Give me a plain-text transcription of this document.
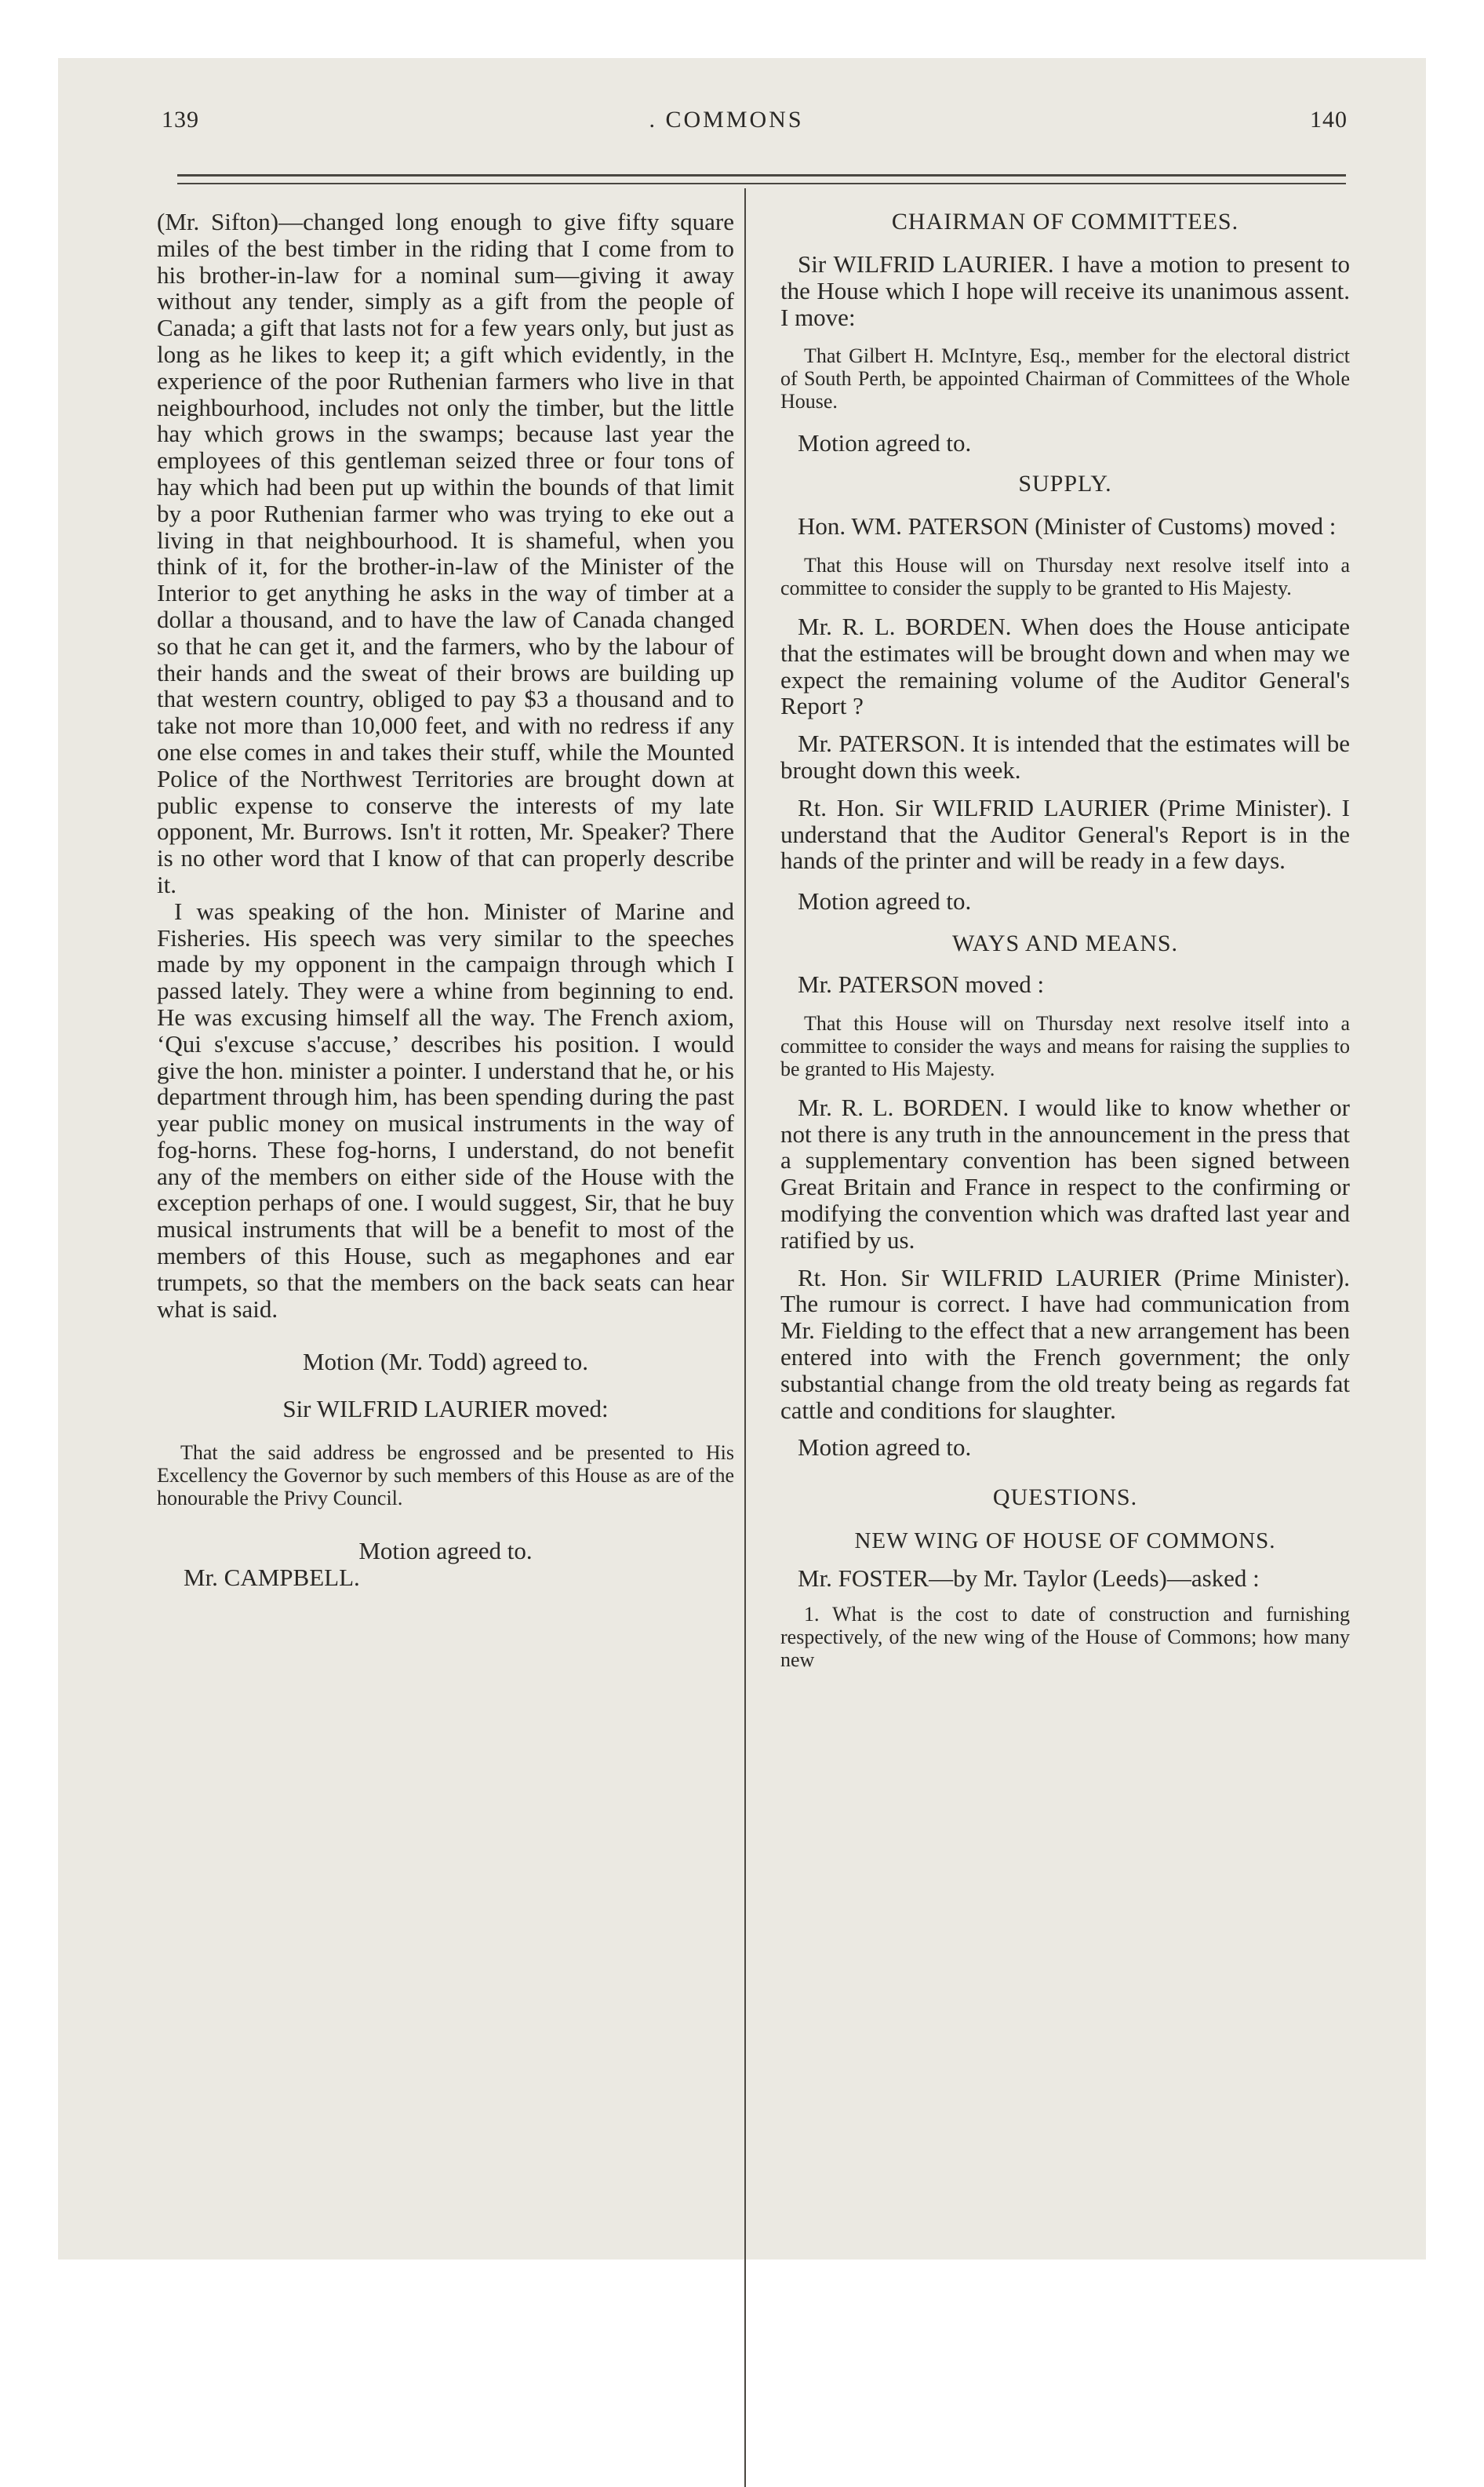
139	. COMMONS	140

(Mr. Sifton)—changed long enough to give fifty square miles of the best timber in the riding that I come from to his brother-in-law for a nominal sum—giving it away without any tender, simply as a gift from the people of Canada; a gift that lasts not for a few years only, but just as long as he likes to keep it; a gift which evidently, in the experience of the poor Ruthenian farmers who live in that neighbourhood, includes not only the timber, but the little hay which grows in the swamps; because last year the employees of this gentleman seized three or four tons of hay which had been put up within the bounds of that limit by a poor Ruthenian farmer who was trying to eke out a living in that neighbourhood. It is shameful, when you think of it, for the brother-in-law of the Minister of the Interior to get anything he asks in the way of timber at a dollar a thousand, and to have the law of Canada changed so that he can get it, and the farmers, who by the labour of their hands and the sweat of their brows are building up that western country, obliged to pay $3 a thousand and to take not more than 10,000 feet, and with no redress if any one else comes in and takes their stuff, while the Mounted Police of the Northwest Territories are brought down at public expense to conserve the interests of my late opponent, Mr. Burrows. Isn't it rotten, Mr. Speaker? There is no other word that I know of that can properly describe it.

I was speaking of the hon. Minister of Marine and Fisheries. His speech was very similar to the speeches made by my opponent in the campaign through which I passed lately. They were a whine from beginning to end. He was excusing himself all the way. The French axiom, ‘Qui s'excuse s'accuse,’ describes his position. I would give the hon. minister a pointer. I understand that he, or his department through him, has been spending during the past year public money on musical instruments in the way of fog-horns. These fog-horns, I understand, do not benefit any of the members on either side of the House with the exception perhaps of one. I would suggest, Sir, that he buy musical instruments that will be a benefit to most of the members of this House, such as megaphones and ear trumpets, so that the members on the back seats can hear what is said.

Motion (Mr. Todd) agreed to.

Sir WILFRID LAURIER moved:

That the said address be engrossed and be presented to His Excellency the Governor by such members of this House as are of the honourable the Privy Council.

Motion agreed to.

Mr. CAMPBELL.

CHAIRMAN OF COMMITTEES.

Sir WILFRID LAURIER. I have a motion to present to the House which I hope will receive its unanimous assent. I move:

That Gilbert H. McIntyre, Esq., member for the electoral district of South Perth, be appointed Chairman of Committees of the Whole House.

Motion agreed to.

SUPPLY.

Hon. WM. PATERSON (Minister of Customs) moved :

That this House will on Thursday next resolve itself into a committee to consider the supply to be granted to His Majesty.

Mr. R. L. BORDEN. When does the House anticipate that the estimates will be brought down and when may we expect the remaining volume of the Auditor General's Report ?

Mr. PATERSON. It is intended that the estimates will be brought down this week.

Rt. Hon. Sir WILFRID LAURIER (Prime Minister). I understand that the Auditor General's Report is in the hands of the printer and will be ready in a few days.

Motion agreed to.

WAYS AND MEANS.

Mr. PATERSON moved :

That this House will on Thursday next resolve itself into a committee to consider the ways and means for raising the supplies to be granted to His Majesty.

Mr. R. L. BORDEN. I would like to know whether or not there is any truth in the announcement in the press that a supplementary convention has been signed between Great Britain and France in respect to the confirming or modifying the convention which was drafted last year and ratified by us.

Rt. Hon. Sir WILFRID LAURIER (Prime Minister). The rumour is correct. I have had communication from Mr. Fielding to the effect that a new arrangement has been entered into with the French government; the only substantial change from the old treaty being as regards fat cattle and conditions for slaughter.

Motion agreed to.

QUESTIONS.

NEW WING OF HOUSE OF COMMONS.

Mr. FOSTER—by Mr. Taylor (Leeds)—asked :

1. What is the cost to date of construction and furnishing respectively, of the new wing of the House of Commons; how many new
